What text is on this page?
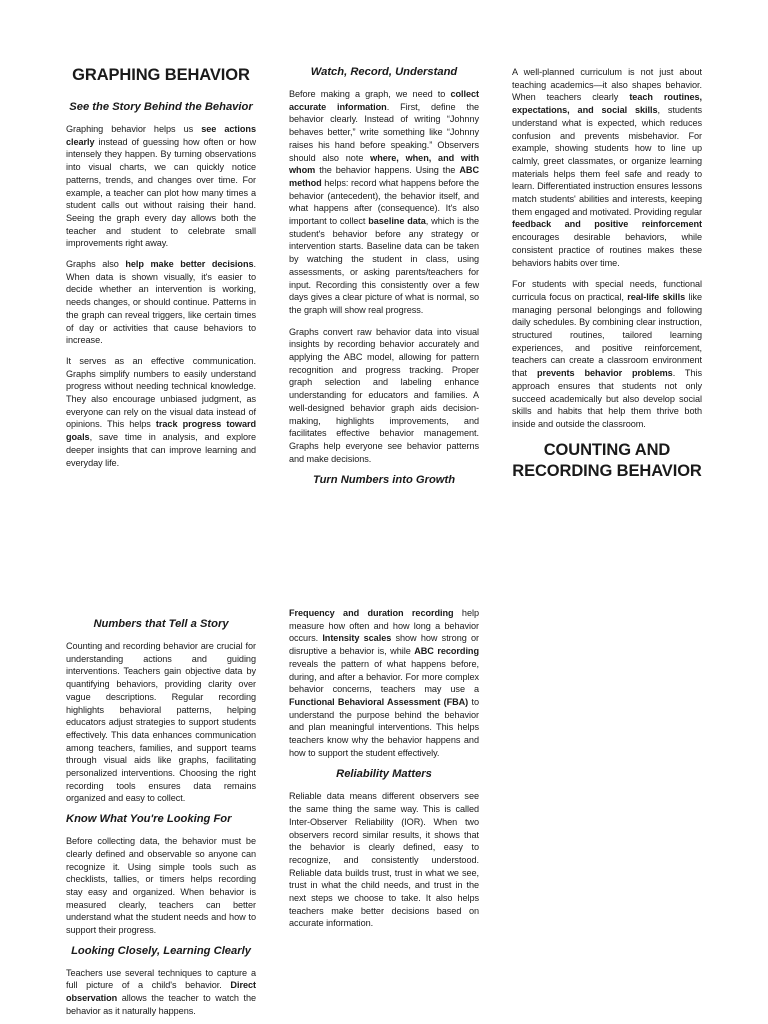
GRAPHING BEHAVIOR
See the Story Behind the Behavior

Graphing behavior helps us see actions clearly instead of guessing how often or how intensely they happen. By turning observations into visual charts, we can quickly notice patterns, trends, and changes over time. For example, a teacher can plot how many times a student calls out without raising their hand. Seeing the graph every day allows both the teacher and student to celebrate small improvements right away.

Graphs also help make better decisions. When data is shown visually, it's easier to decide whether an intervention is working, needs changes, or should continue. Patterns in the graph can reveal triggers, like certain times of day or activities that cause behaviors to increase.

It serves as an effective communication. Graphs simplify numbers to easily understand progress without needing technical knowledge. They also encourage unbiased judgment, as everyone can rely on the visual data instead of opinions. This helps track progress toward goals, save time in analysis, and explore deeper insights that can improve learning and everyday life.

Watch, Record, Understand

Before making a graph, we need to collect accurate information. First, define the behavior clearly. Instead of writing “Johnny behaves better,” write something like “Johnny raises his hand before speaking.” Observers should also note where, when, and with whom the behavior happens. Using the ABC method helps: record what happens before the behavior (antecedent), the behavior itself, and what happens after (consequence). It's also important to collect baseline data, which is the student's behavior before any strategy or intervention starts. Baseline data can be taken by watching the student in class, using assessments, or asking parents/teachers for input. Recording this consistently over a few days gives a clear picture of what is normal, so the graph will show real progress.

Graphs convert raw behavior data into visual insights by recording behavior accurately and applying the ABC model, allowing for pattern recognition and progress tracking. Proper graph selection and labeling enhance understanding for educators and families. A well-designed behavior graph aids decision-making, highlights improvements, and facilitates effective behavior management. Graphs help everyone see behavior patterns and make decisions.

Turn Numbers into Growth

A well-planned curriculum is not just about teaching academics—it also shapes behavior. When teachers clearly teach routines, expectations, and social skills, students understand what is expected, which reduces confusion and prevents misbehavior. For example, showing students how to line up calmly, greet classmates, or organize learning materials helps them feel safe and ready to learn. Differentiated instruction ensures lessons match students' abilities and interests, keeping them engaged and motivated. Providing regular feedback and positive reinforcement encourages desirable behaviors, while consistent practice of routines makes these behaviors habits over time.

For students with special needs, functional curricula focus on practical, real-life skills like managing personal belongings and following daily schedules. By combining clear instruction, structured routines, tailored learning experiences, and positive reinforcement, teachers can create a classroom environment that prevents behavior problems. This approach ensures that students not only succeed academically but also develop social skills and habits that help them thrive both inside and outside the classroom.

COUNTING AND RECORDING BEHAVIOR
Numbers that Tell a Story

Counting and recording behavior are crucial for understanding actions and guiding interventions. Teachers gain objective data by quantifying behaviors, providing clarity over vague descriptions. Regular recording highlights behavioral patterns, helping educators adjust strategies to support students effectively. This data enhances communication among teachers, families, and support teams through visual aids like graphs, facilitating personalized interventions. Choosing the right recording tools ensures data remains organized and easy to collect.

Know What You're Looking For

Before collecting data, the behavior must be clearly defined and observable so anyone can recognize it. Using simple tools such as checklists, tallies, or timers helps recording stay easy and organized. When behavior is measured clearly, teachers can better understand what the student needs and how to support their progress.

Looking Closely, Learning Clearly

Teachers use several techniques to capture a full picture of a child's behavior. Direct observation allows the teacher to watch the behavior as it naturally happens.

Frequency and duration recording help measure how often and how long a behavior occurs. Intensity scales show how strong or disruptive a behavior is, while ABC recording reveals the pattern of what happens before, during, and after a behavior. For more complex behavior concerns, teachers may use a Functional Behavioral Assessment (FBA) to understand the purpose behind the behavior and plan meaningful interventions. This helps teachers know why the behavior happens and how to support the student effectively.

Reliability Matters

Reliable data means different observers see the same thing the same way. This is called Inter-Observer Reliability (IOR). When two observers record similar results, it shows that the behavior is clearly defined, easy to recognize, and consistently understood. Reliable data builds trust, trust in what we see, trust in what the child needs, and trust in the next steps we choose to take. It also helps teachers make better decisions based on accurate information.
